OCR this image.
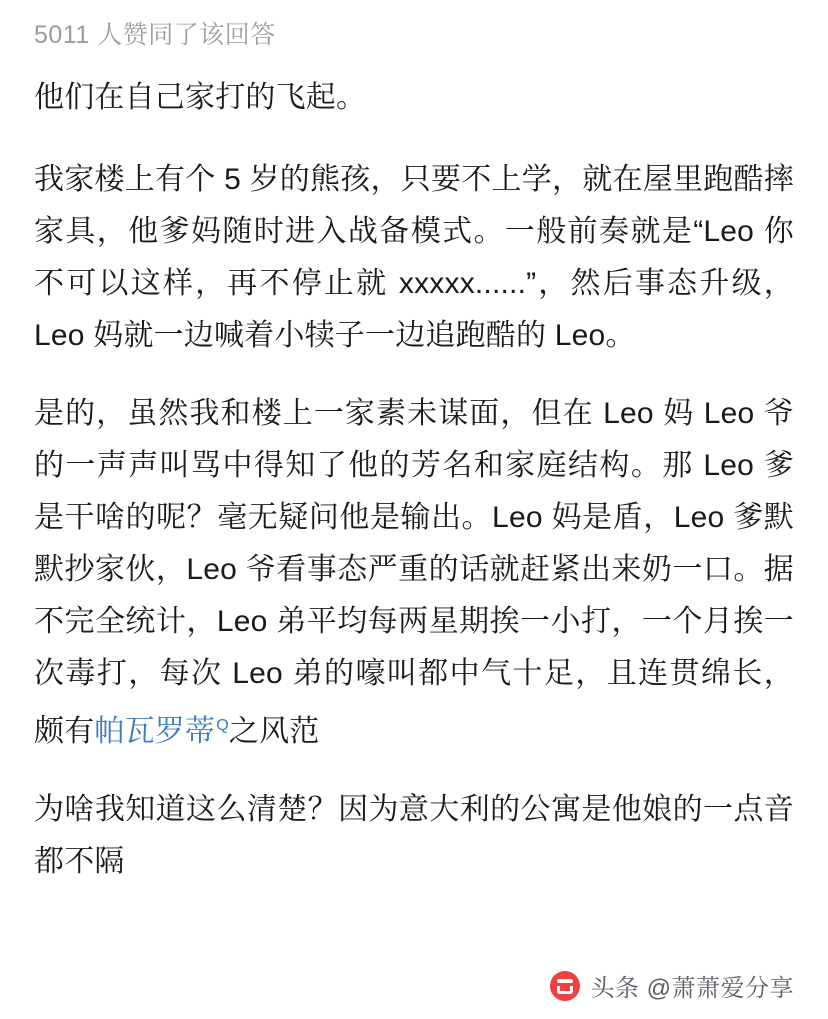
5011 人赞同了该回答

他们在自己家打的飞起。

我家楼上有个 5 岁的熊孩，只要不上学，就在屋里跑酷摔家具，他爹妈随时进入战备模式。一般前奏就是“Leo 你不可以这样，再不停止就 xxxxx......”，然后事态升级，Leo 妈就一边喊着小犊子一边追跑酷的 Leo。

是的，虽然我和楼上一家素未谋面，但在 Leo 妈 Leo 爷的一声声叫骂中得知了他的芳名和家庭结构。那 Leo 爹是干啥的呢？毫无疑问他是输出。Leo 妈是盾，Leo 爹默默抄家伙，Leo 爷看事态严重的话就赶紧出来奶一口。据不完全统计，Leo 弟平均每两星期挨一小打，一个月挨一次毒打，每次 Leo 弟的嚎叫都中气十足，且连贯绵长，颇有帕瓦罗蒂$^Q$之风范

为啥我知道这么清楚？因为意大利的公寓是他娘的一点音都不隔

头条 @萧萧爱分享
